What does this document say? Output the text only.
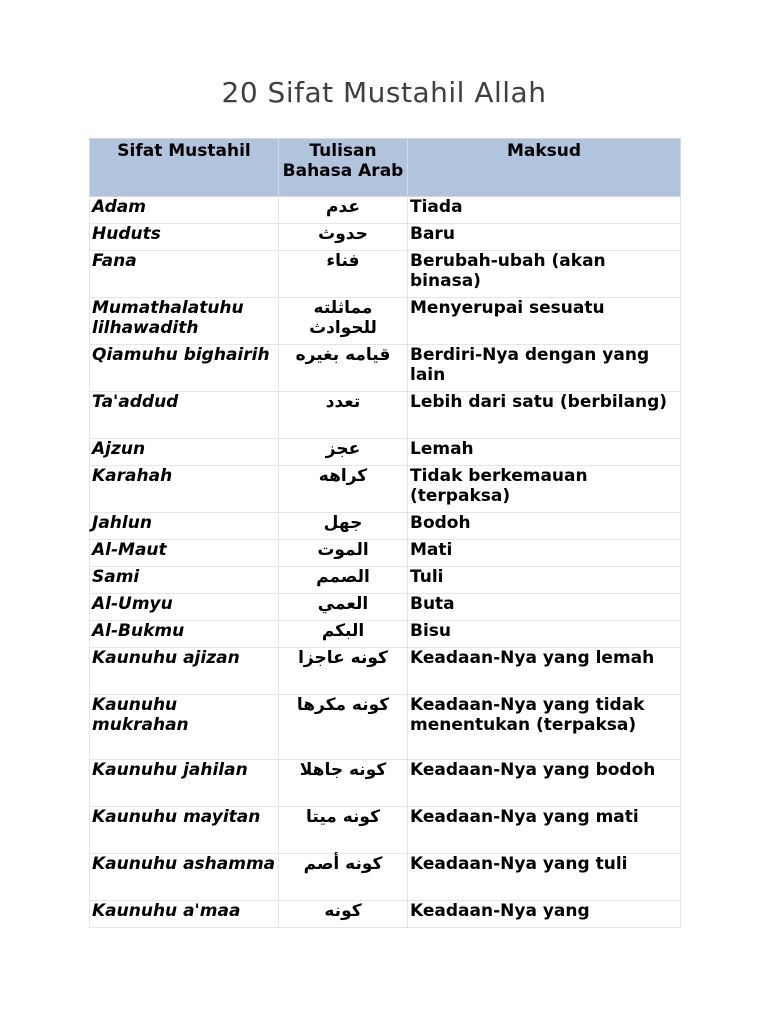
20 Sifat Mustahil Allah
Sifat Mustahil	Tulisan Bahasa Arab	Maksud
Adam	عدم	Tiada
Huduts	حدوث	Baru
Fana	فناء	Berubah-ubah (akan binasa)
Mumathalatuhu lilhawadith	مماثلته للحوادث	Menyerupai sesuatu
Qiamuhu bighairih	قيامه بغيره	Berdiri-Nya dengan yang lain
Ta'addud	تعدد	Lebih dari satu (berbilang)
Ajzun	عجز	Lemah
Karahah	كراهه	Tidak berkemauan (terpaksa)
Jahlun	جهل	Bodoh
Al-Maut	الموت	Mati
Sami	الصمم	Tuli
Al-Umyu	العمي	Buta
Al-Bukmu	البكم	Bisu
Kaunuhu ajizan	كونه عاجزا	Keadaan-Nya yang lemah
Kaunuhu mukrahan	كونه مكرها	Keadaan-Nya yang tidak menentukan (terpaksa)
Kaunuhu jahilan	كونه جاهلا	Keadaan-Nya yang bodoh
Kaunuhu mayitan	كونه ميتا	Keadaan-Nya yang mati
Kaunuhu ashamma	كونه أصم	Keadaan-Nya yang tuli
Kaunuhu a'maa	كونه	Keadaan-Nya yang
